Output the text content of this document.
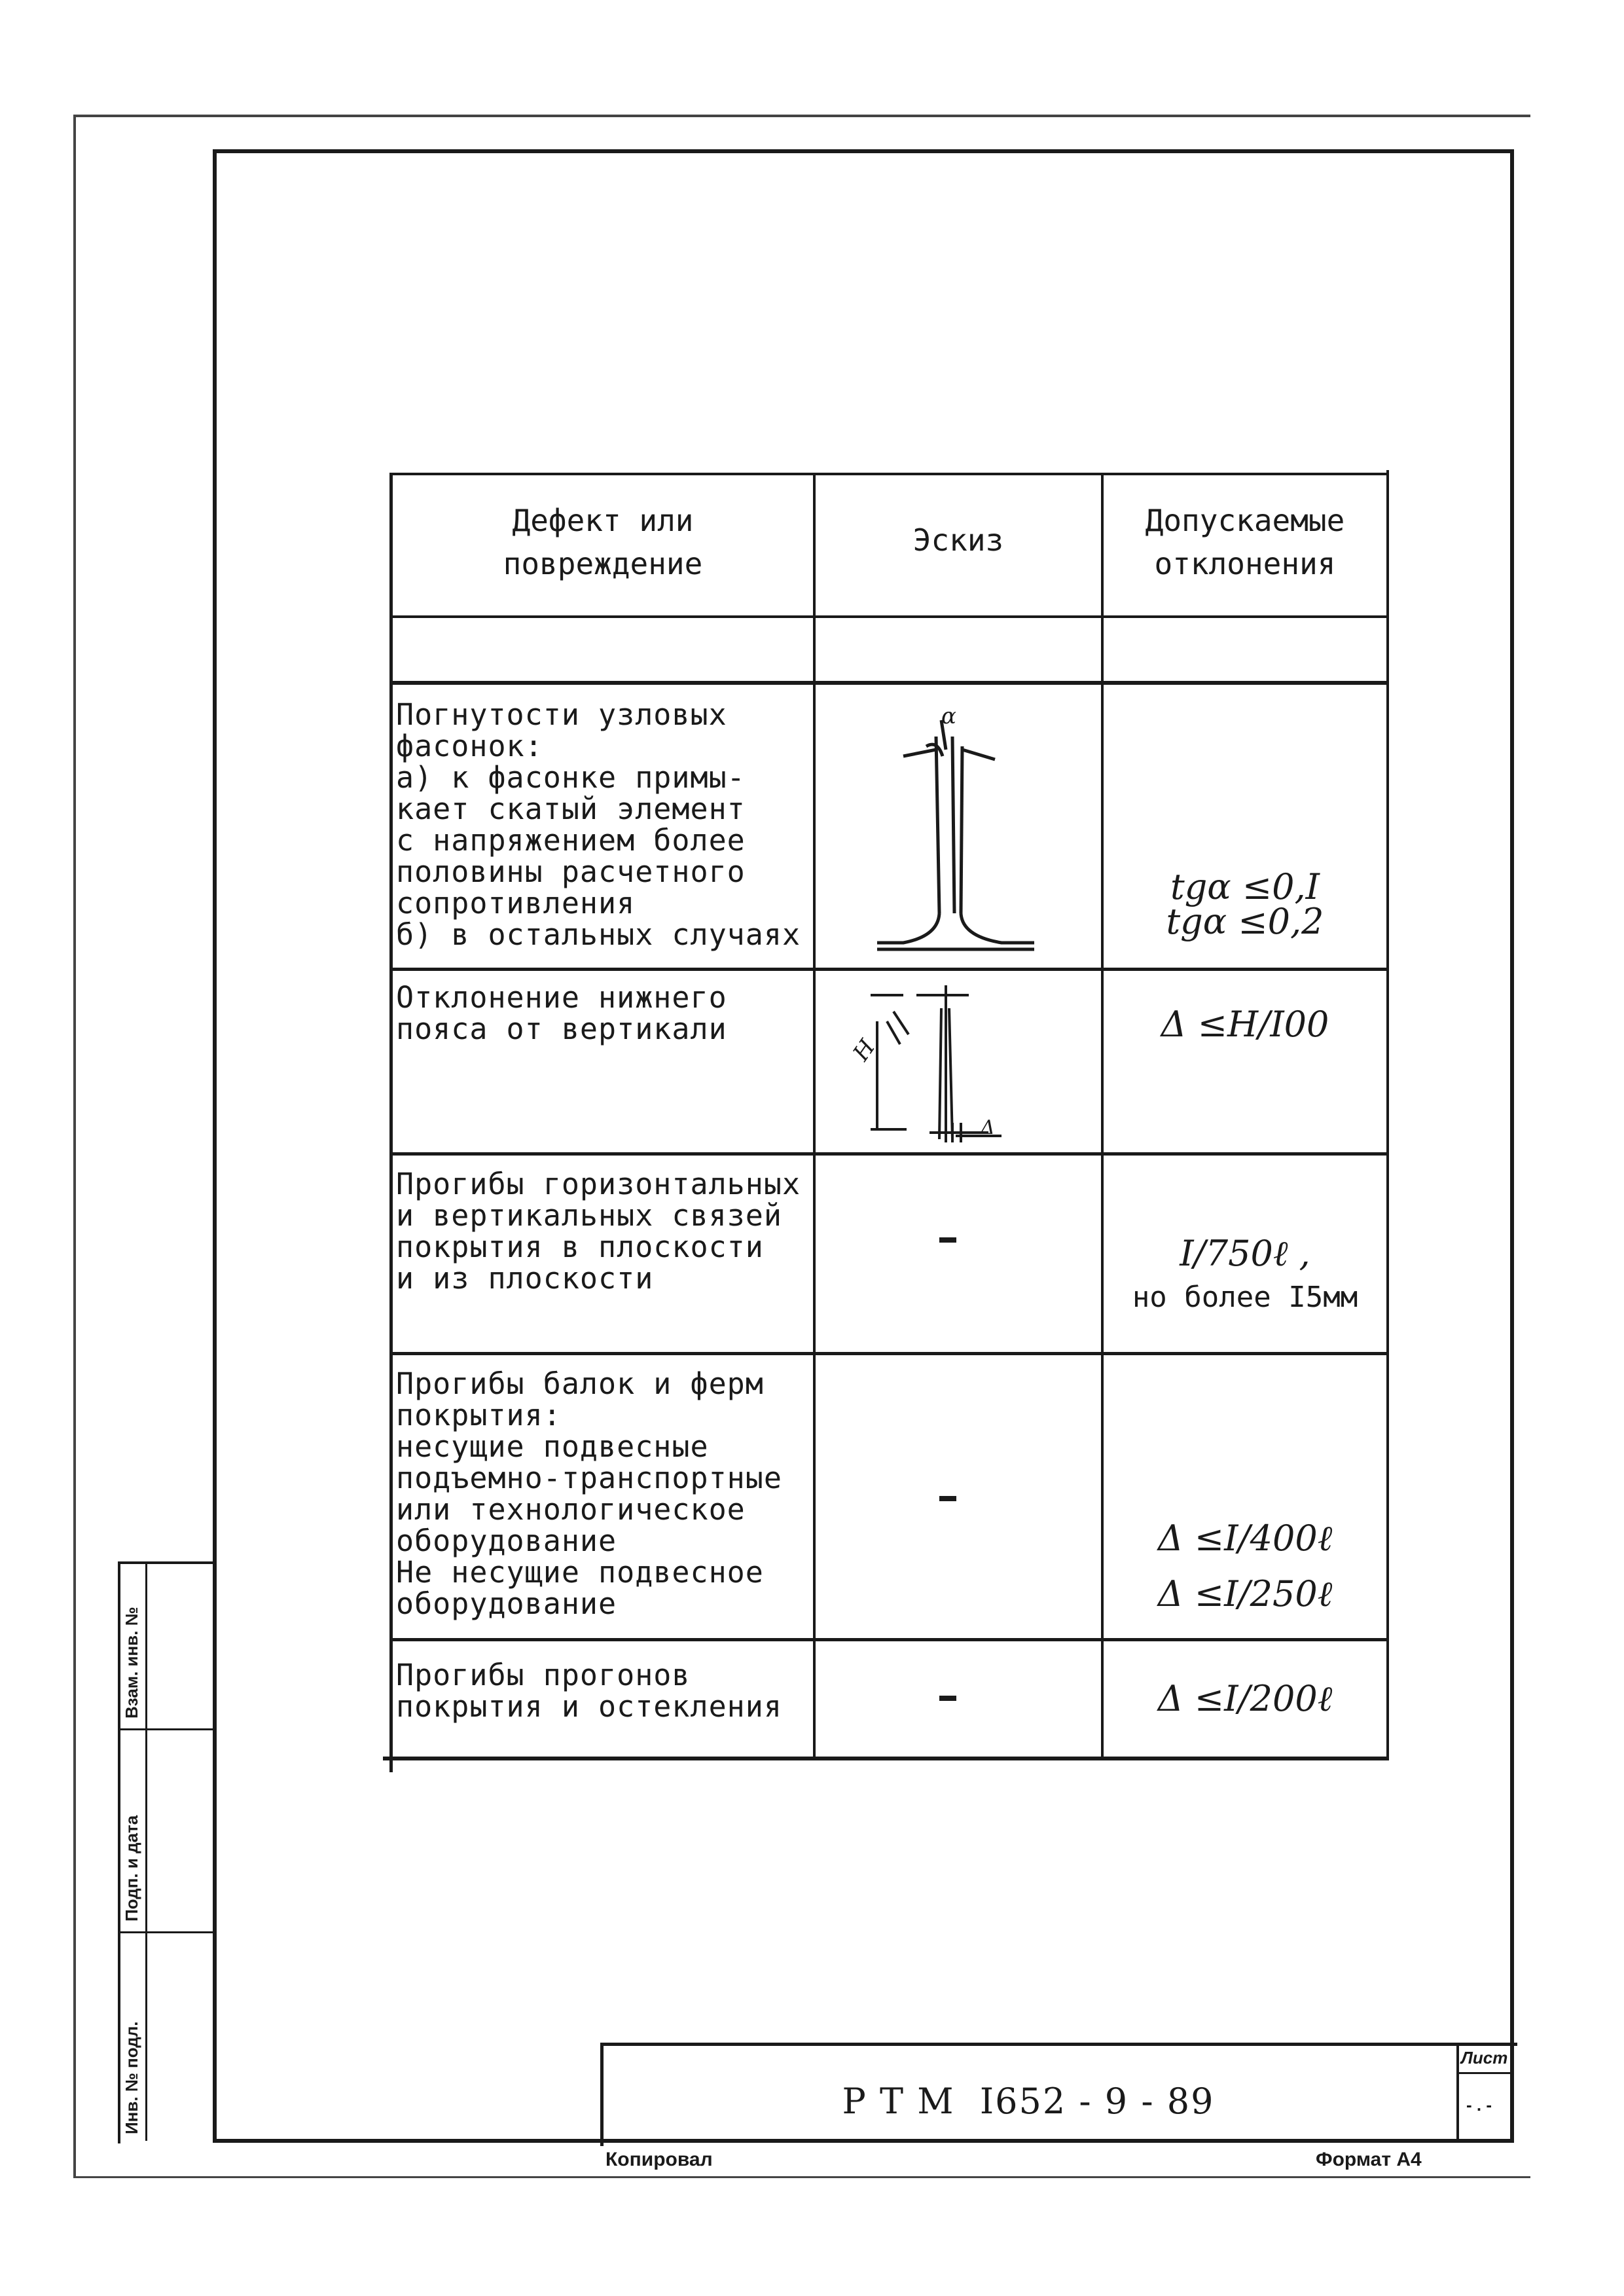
Инв. № подл.
Подп. и дата
Взам. инв. №
Дефект или
повреждение
Эскиз
Допускаемые
отклонения
Погнутости узловых
фасонок:
а) к фасонке примы-
кает скатый элемент
с напряжением более
половины расчетного
сопротивления
б) в остальных случаях
α
tgα ≤0,I
tgα ≤0,2
Отклонение нижнего
пояса от вертикали
H
Δ
Δ ≤H/I00
Прогибы горизонтальных
и вертикальных связей
покрытия в плоскости
и из плоскости
I/750ℓ ,
но более I5мм
Прогибы балок и ферм
покрытия:
несущие подвесные
подъемно-транспортные
или технологическое
оборудование
Не несущие подвесное
оборудование
Δ ≤I/400ℓ
Δ ≤I/250ℓ
Прогибы прогонов
покрытия и остекления	Δ ≤I/200ℓ
Р Т М  I652 - 9 - 89
Лист
- . -
Копировал	Формат А4
